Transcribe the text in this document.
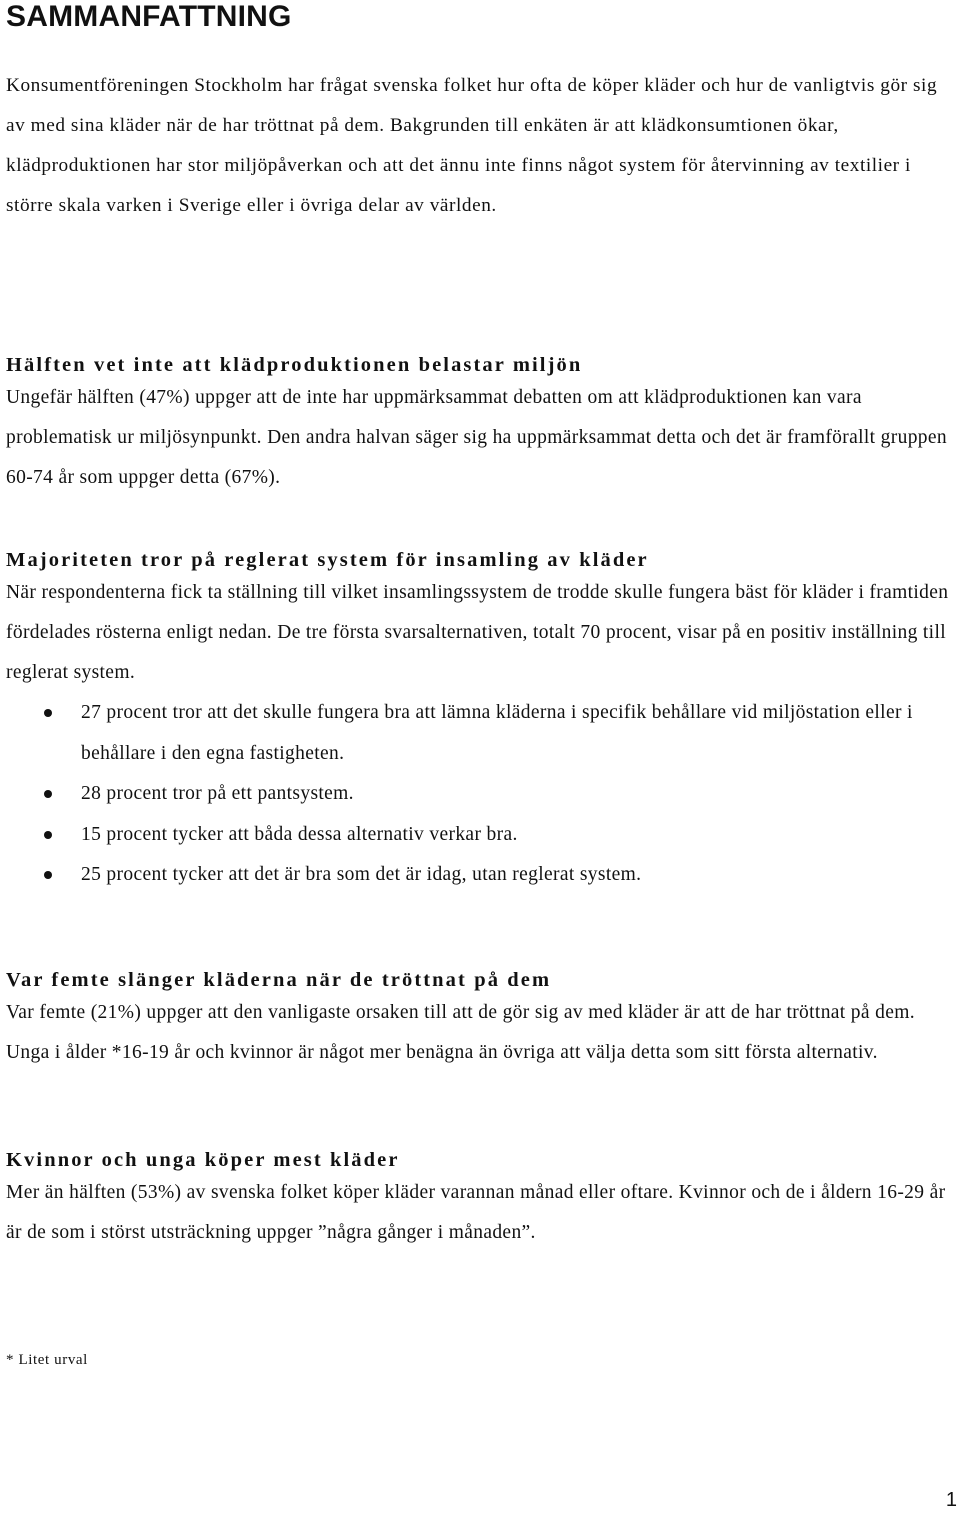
SAMMANFATTNING

Konsumentföreningen Stockholm har frågat svenska folket hur ofta de köper kläder och hur de vanligtvis gör sig av med sina kläder när de har tröttnat på dem. Bakgrunden till enkäten är att klädkonsumtionen ökar, klädproduktionen har stor miljöpåverkan och att det ännu inte finns något system för återvinning av textilier i större skala varken i Sverige eller i övriga delar av världen.

Hälften vet inte att klädproduktionen belastar miljön

Ungefär hälften (47%) uppger att de inte har uppmärksammat debatten om att klädproduktionen kan vara problematisk ur miljösynpunkt. Den andra halvan säger sig ha uppmärksammat detta och det är framförallt gruppen 60-74 år som uppger detta (67%).

Majoriteten tror på reglerat system för insamling av kläder

När respondenterna fick ta ställning till vilket insamlingssystem de trodde skulle fungera bäst för kläder i framtiden fördelades rösterna enligt nedan. De tre första svarsalternativen, totalt 70 procent, visar på en positiv inställning till reglerat system.

27 procent tror att det skulle fungera bra att lämna kläderna i specifik behållare vid miljöstation eller i behållare i den egna fastigheten.
28 procent tror på ett pantsystem.
15 procent tycker att båda dessa alternativ verkar bra.
25 procent tycker att det är bra som det är idag, utan reglerat system.
Var femte slänger kläderna när de tröttnat på dem

Var femte (21%) uppger att den vanligaste orsaken till att de gör sig av med kläder är att de har tröttnat på dem. Unga i ålder *16-19 år och kvinnor är något mer benägna än övriga att välja detta som sitt första alternativ.

Kvinnor och unga köper mest kläder

Mer än hälften (53%) av svenska folket köper kläder varannan månad eller oftare. Kvinnor och de i åldern 16-29 år är de som i störst utsträckning uppger ”några gånger i månaden”.

* Litet urval

1
